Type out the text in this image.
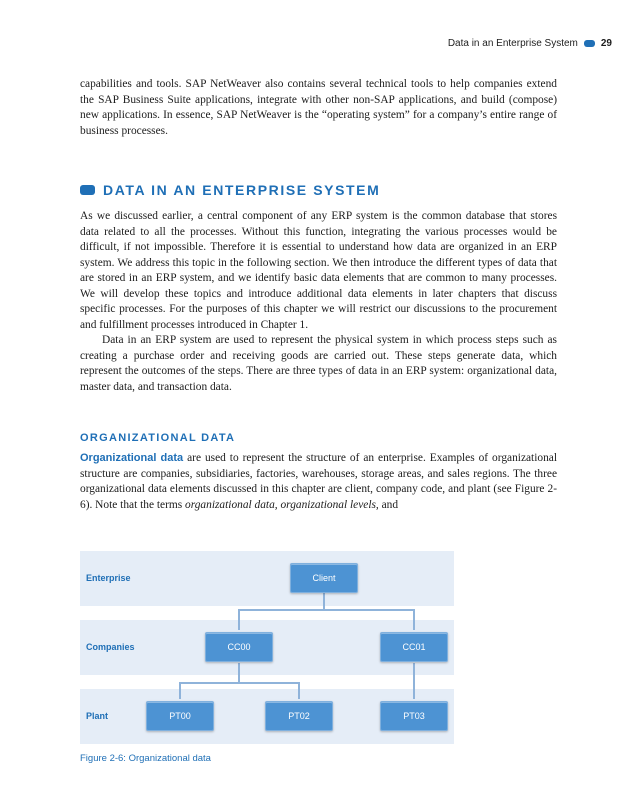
Data in an Enterprise System 29

capabilities and tools. SAP NetWeaver also contains several technical tools to help companies extend the SAP Business Suite applications, integrate with other non-SAP applications, and build (compose) new applications. In essence, SAP NetWeaver is the “operating system” for a company’s entire range of business processes.

DATA IN AN ENTERPRISE SYSTEM

As we discussed earlier, a central component of any ERP system is the common database that stores data related to all the processes. Without this function, integrating the various processes would be difficult, if not impossible. Therefore it is essential to understand how data are organized in an ERP system. We address this topic in the following section. We then introduce the different types of data that are stored in an ERP system, and we identify basic data elements that are common to many processes. We will develop these topics and introduce additional data elements in later chapters that discuss specific processes. For the purposes of this chapter we will restrict our discussions to the procurement and fulfillment processes introduced in Chapter 1.

Data in an ERP system are used to represent the physical system in which process steps such as creating a purchase order and receiving goods are carried out. These steps generate data, which represent the outcomes of the steps. There are three types of data in an ERP system: organizational data, master data, and transaction data.

ORGANIZATIONAL DATA

Organizational data are used to represent the structure of an enterprise. Examples of organizational structure are companies, subsidiaries, factories, warehouses, storage areas, and sales regions. The three organizational data elements discussed in this chapter are client, company code, and plant (see Figure 2-6). Note that the terms organizational data, organizational levels, and

Enterprise
Companies
Plant
Client
CC00	CC01
PT00	PT02	PT03
Figure 2-6: Organizational data
